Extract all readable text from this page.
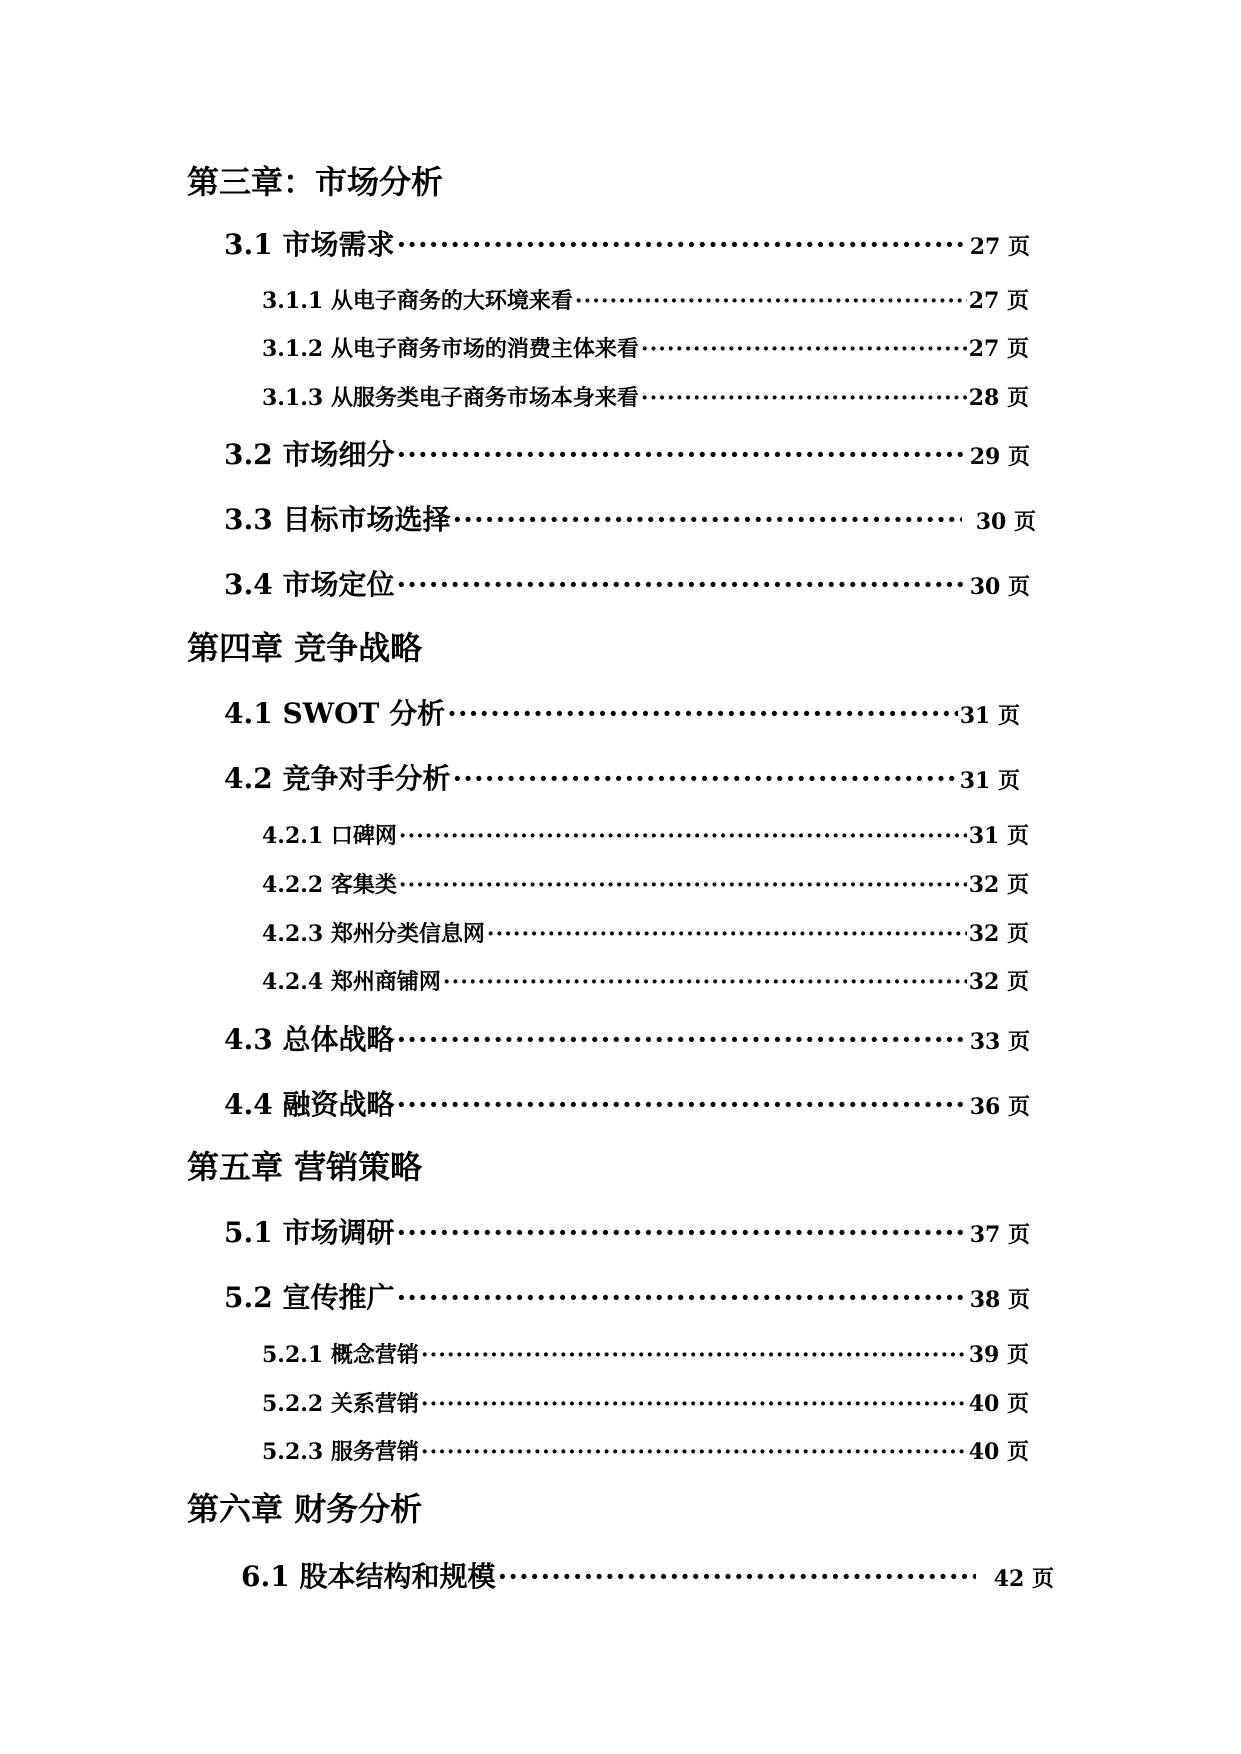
第三章：市场分析
3.1 市场需求 ·····	27 页
3.1.1 从电子商务的大环境来看 ·····	27 页
3.1.2 从电子商务市场的消费主体来看 ·····	27 页
3.1.3 从服务类电子商务市场本身来看 ·····	28 页
3.2 市场细分 ·····	29 页
3.3 目标市场选择 ·····	30 页
3.4 市场定位 ·····	30 页
第四章 竞争战略
4.1 SWOT 分析 ·····	31 页
4.2 竞争对手分析 ·····	31 页
4.2.1 口碑网 ·····	31 页
4.2.2 客集类 ·····	32 页
4.2.3 郑州分类信息网 ·····	32 页
4.2.4 郑州商铺网 ·····	32 页
4.3 总体战略 ·····	33 页
4.4 融资战略 ·····	36 页
第五章 营销策略
5.1 市场调研 ·····	37 页
5.2 宣传推广 ·····	38 页
5.2.1 概念营销 ·····	39 页
5.2.2 关系营销 ·····	40 页
5.2.3 服务营销 ·····	40 页
第六章 财务分析
6.1 股本结构和规模 ·····	42 页
